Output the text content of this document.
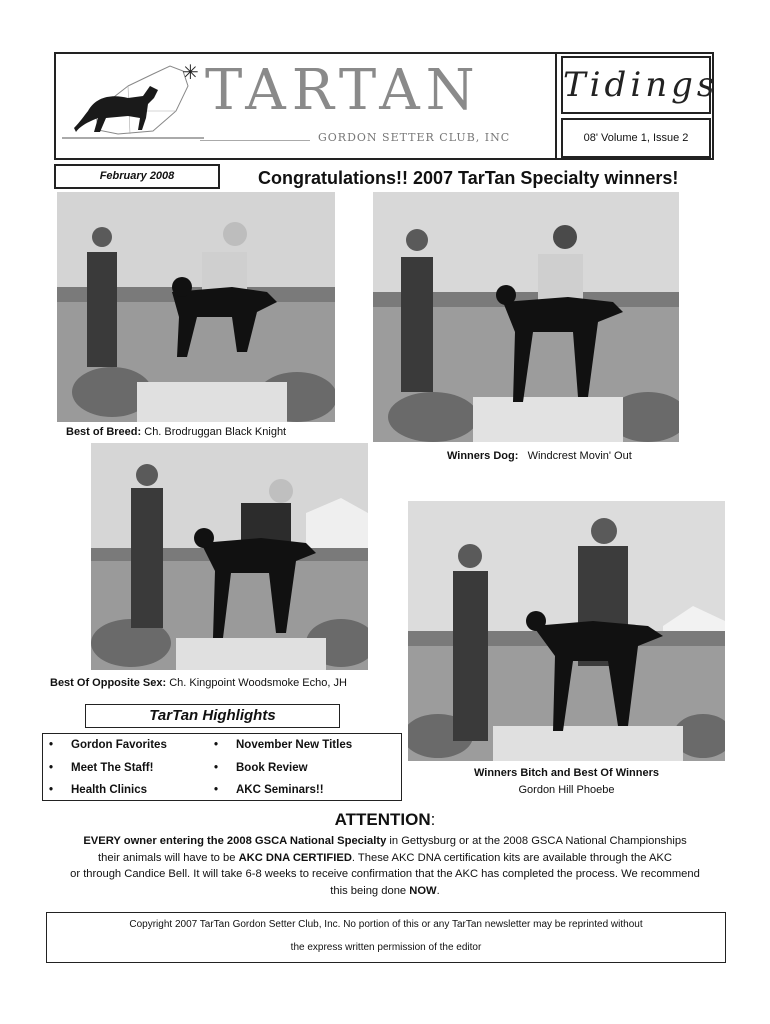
✳ TARTAN
GORDON SETTER CLUB, INC
Tidings
08' Volume 1, Issue 2
February 2008	Congratulations!! 2007 TarTan Specialty winners!
Best of Breed: Ch. Brodruggan Black Knight
Winners Dog: Windcrest Movin' Out
Best Of Opposite Sex: Ch. Kingpoint Woodsmoke Echo, JH
Winners Bitch and Best Of Winners
Gordon Hill Phoebe
TarTan Highlights
• Gordon Favorites	• November New Titles
• Meet The Staff!	• Book Review
• Health Clinics	• AKC Seminars!!
ATTENTION:
EVERY owner entering the 2008 GSCA National Specialty in Gettysburg or at the 2008 GSCA National Championships
their animals will have to be AKC DNA CERTIFIED. These AKC DNA certification kits are available through the AKC
or through Candice Bell. It will take 6-8 weeks to receive confirmation that the AKC has completed the process. We recommend
this being done NOW.
Copyright 2007 TarTan Gordon Setter Club, Inc. No portion of this or any TarTan newsletter may be reprinted without
the express written permission of the editor
